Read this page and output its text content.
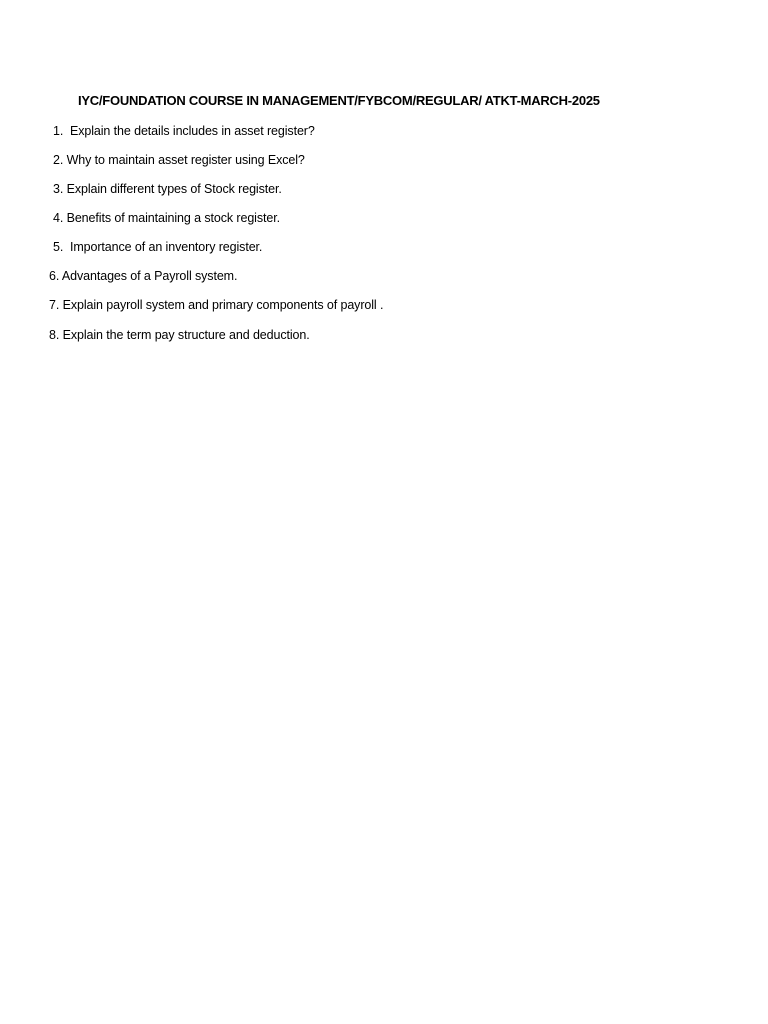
IYC/FOUNDATION COURSE IN MANAGEMENT/FYBCOM/REGULAR/ ATKT-MARCH-2025

1.  Explain the details includes in asset register?

2. Why to maintain asset register using Excel?

3. Explain different types of Stock register.

4. Benefits of maintaining a stock register.

5.  Importance of an inventory register.

6. Advantages of a Payroll system.

7. Explain payroll system and primary components of payroll .

8. Explain the term pay structure and deduction.
